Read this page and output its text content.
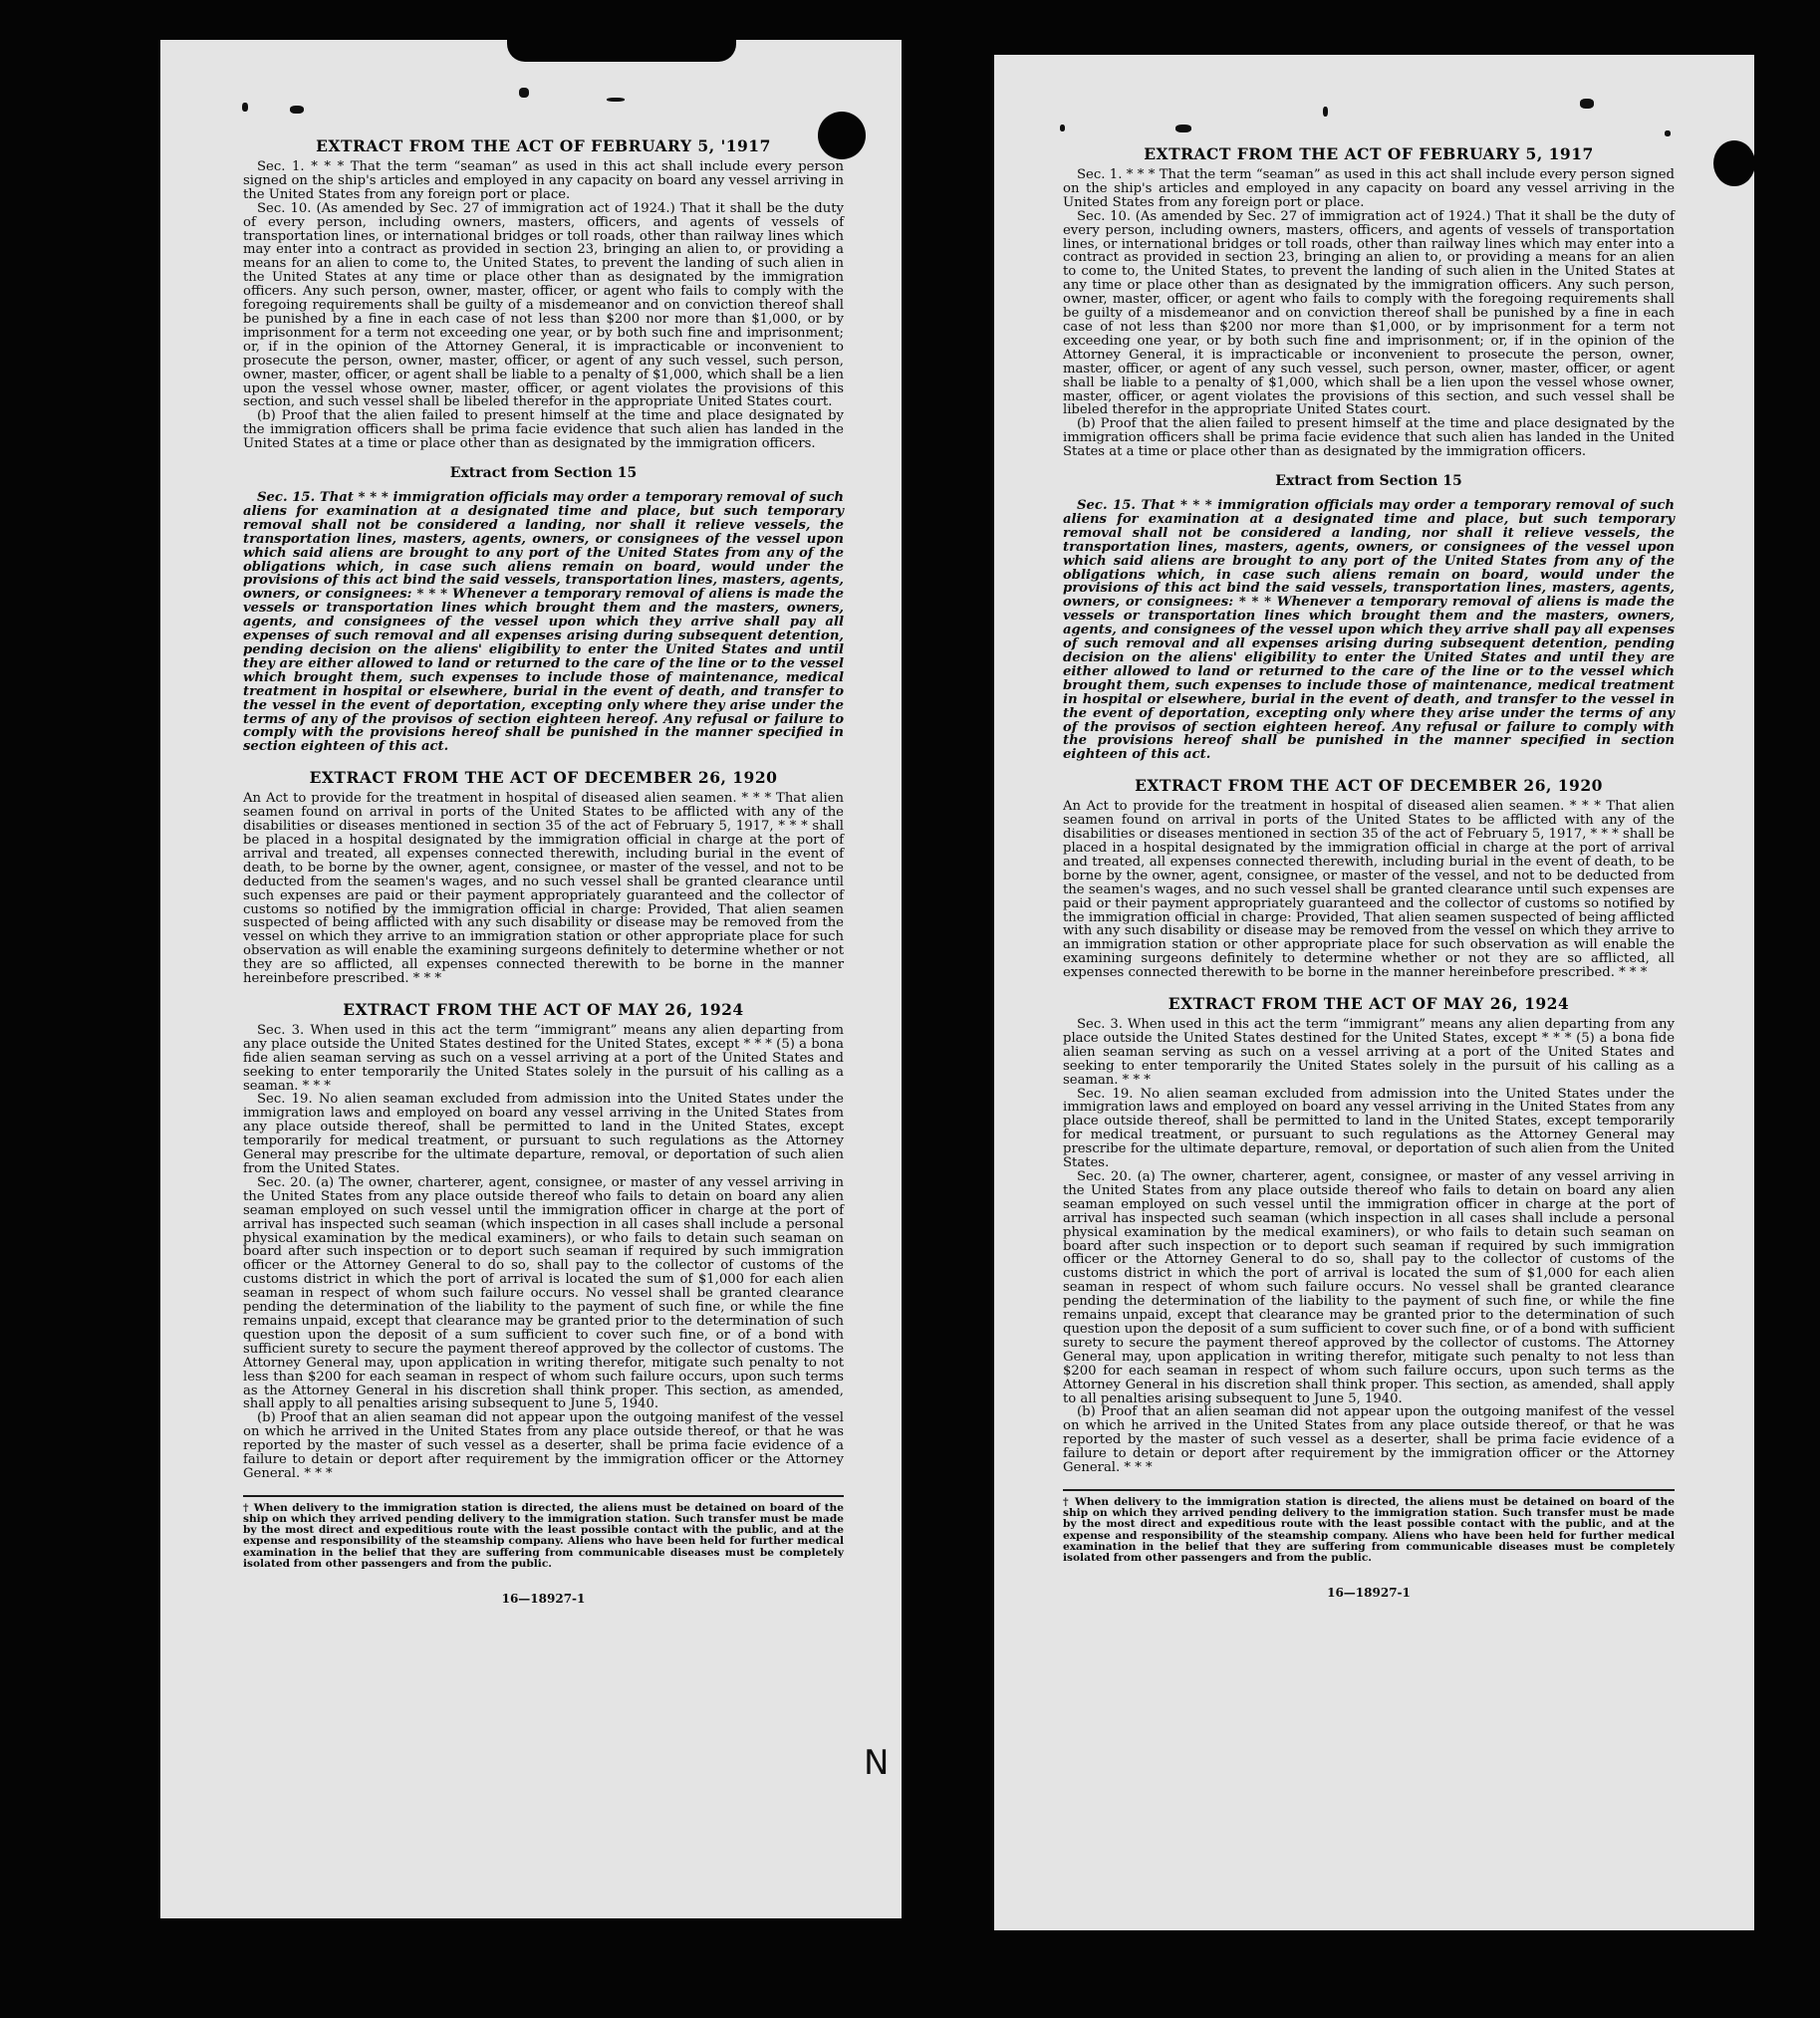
EXTRACT FROM THE ACT OF FEBRUARY 5, '1917

Sec. 1. * * * That the term “seaman” as used in this act shall include every person signed on the ship's articles and employed in any capacity on board any vessel arriving in the United States from any foreign port or place.

Sec. 10. (As amended by Sec. 27 of immigration act of 1924.) That it shall be the duty of every person, including owners, masters, officers, and agents of vessels of transportation lines, or international bridges or toll roads, other than railway lines which may enter into a contract as provided in section 23, bringing an alien to, or providing a means for an alien to come to, the United States, to prevent the landing of such alien in the United States at any time or place other than as designated by the immigration officers. Any such person, owner, master, officer, or agent who fails to comply with the foregoing requirements shall be guilty of a misdemeanor and on conviction thereof shall be punished by a fine in each case of not less than $200 nor more than $1,000, or by imprisonment for a term not exceeding one year, or by both such fine and imprisonment; or, if in the opinion of the Attorney General, it is impracticable or inconvenient to prosecute the person, owner, master, officer, or agent of any such vessel, such person, owner, master, officer, or agent shall be liable to a penalty of $1,000, which shall be a lien upon the vessel whose owner, master, officer, or agent violates the provisions of this section, and such vessel shall be libeled therefor in the appropriate United States court.

(b) Proof that the alien failed to present himself at the time and place designated by the immigration officers shall be prima facie evidence that such alien has landed in the United States at a time or place other than as designated by the immigration officers.

Extract from Section 15

Sec. 15. That * * * immigration officials may order a temporary removal of such aliens for examination at a designated time and place, but such temporary removal shall not be considered a landing, nor shall it relieve vessels, the transportation lines, masters, agents, owners, or consignees of the vessel upon which said aliens are brought to any port of the United States from any of the obligations which, in case such aliens remain on board, would under the provisions of this act bind the said vessels, transportation lines, masters, agents, owners, or consignees: * * * Whenever a temporary removal of aliens is made the vessels or transportation lines which brought them and the masters, owners, agents, and consignees of the vessel upon which they arrive shall pay all expenses of such removal and all expenses arising during subsequent detention, pending decision on the aliens' eligibility to enter the United States and until they are either allowed to land or returned to the care of the line or to the vessel which brought them, such expenses to include those of maintenance, medical treatment in hospital or elsewhere, burial in the event of death, and transfer to the vessel in the event of deportation, excepting only where they arise under the terms of any of the provisos of section eighteen hereof. Any refusal or failure to comply with the provisions hereof shall be punished in the manner specified in section eighteen of this act.

EXTRACT FROM THE ACT OF DECEMBER 26, 1920

An Act to provide for the treatment in hospital of diseased alien seamen. * * * That alien seamen found on arrival in ports of the United States to be afflicted with any of the disabilities or diseases mentioned in section 35 of the act of February 5, 1917, * * * shall be placed in a hospital designated by the immigration official in charge at the port of arrival and treated, all expenses connected therewith, including burial in the event of death, to be borne by the owner, agent, consignee, or master of the vessel, and not to be deducted from the seamen's wages, and no such vessel shall be granted clearance until such expenses are paid or their payment appropriately guaranteed and the collector of customs so notified by the immigration official in charge: Provided, That alien seamen suspected of being afflicted with any such disability or disease may be removed from the vessel on which they arrive to an immigration station or other appropriate place for such observation as will enable the examining surgeons definitely to determine whether or not they are so afflicted, all expenses connected therewith to be borne in the manner hereinbefore prescribed. * * *

EXTRACT FROM THE ACT OF MAY 26, 1924

Sec. 3. When used in this act the term “immigrant” means any alien departing from any place outside the United States destined for the United States, except * * * (5) a bona fide alien seaman serving as such on a vessel arriving at a port of the United States and seeking to enter temporarily the United States solely in the pursuit of his calling as a seaman. * * *

Sec. 19. No alien seaman excluded from admission into the United States under the immigration laws and employed on board any vessel arriving in the United States from any place outside thereof, shall be permitted to land in the United States, except temporarily for medical treatment, or pursuant to such regulations as the Attorney General may prescribe for the ultimate departure, removal, or deportation of such alien from the United States.

Sec. 20. (a) The owner, charterer, agent, consignee, or master of any vessel arriving in the United States from any place outside thereof who fails to detain on board any alien seaman employed on such vessel until the immigration officer in charge at the port of arrival has inspected such seaman (which inspection in all cases shall include a personal physical examination by the medical examiners), or who fails to detain such seaman on board after such inspection or to deport such seaman if required by such immigration officer or the Attorney General to do so, shall pay to the collector of customs of the customs district in which the port of arrival is located the sum of $1,000 for each alien seaman in respect of whom such failure occurs. No vessel shall be granted clearance pending the determination of the liability to the payment of such fine, or while the fine remains unpaid, except that clearance may be granted prior to the determination of such question upon the deposit of a sum sufficient to cover such fine, or of a bond with sufficient surety to secure the payment thereof approved by the collector of customs. The Attorney General may, upon application in writing therefor, mitigate such penalty to not less than $200 for each seaman in respect of whom such failure occurs, upon such terms as the Attorney General in his discretion shall think proper. This section, as amended, shall apply to all penalties arising subsequent to June 5, 1940.

(b) Proof that an alien seaman did not appear upon the outgoing manifest of the vessel on which he arrived in the United States from any place outside thereof, or that he was reported by the master of such vessel as a deserter, shall be prima facie evidence of a failure to detain or deport after requirement by the immigration officer or the Attorney General. * * *

† When delivery to the immigration station is directed, the aliens must be detained on board of the ship on which they arrived pending delivery to the immigration station. Such transfer must be made by the most direct and expeditious route with the least possible contact with the public, and at the expense and responsibility of the steamship company. Aliens who have been held for further medical examination in the belief that they are suffering from communicable diseases must be completely isolated from other passengers and from the public.
16—18927-1
N
EXTRACT FROM THE ACT OF FEBRUARY 5, 1917

Sec. 1. * * * That the term “seaman” as used in this act shall include every person signed on the ship's articles and employed in any capacity on board any vessel arriving in the United States from any foreign port or place.

Sec. 10. (As amended by Sec. 27 of immigration act of 1924.) That it shall be the duty of every person, including owners, masters, officers, and agents of vessels of transportation lines, or international bridges or toll roads, other than railway lines which may enter into a contract as provided in section 23, bringing an alien to, or providing a means for an alien to come to, the United States, to prevent the landing of such alien in the United States at any time or place other than as designated by the immigration officers. Any such person, owner, master, officer, or agent who fails to comply with the foregoing requirements shall be guilty of a misdemeanor and on conviction thereof shall be punished by a fine in each case of not less than $200 nor more than $1,000, or by imprisonment for a term not exceeding one year, or by both such fine and imprisonment; or, if in the opinion of the Attorney General, it is impracticable or inconvenient to prosecute the person, owner, master, officer, or agent of any such vessel, such person, owner, master, officer, or agent shall be liable to a penalty of $1,000, which shall be a lien upon the vessel whose owner, master, officer, or agent violates the provisions of this section, and such vessel shall be libeled therefor in the appropriate United States court.

(b) Proof that the alien failed to present himself at the time and place designated by the immigration officers shall be prima facie evidence that such alien has landed in the United States at a time or place other than as designated by the immigration officers.

Extract from Section 15

Sec. 15. That * * * immigration officials may order a temporary removal of such aliens for examination at a designated time and place, but such temporary removal shall not be considered a landing, nor shall it relieve vessels, the transportation lines, masters, agents, owners, or consignees of the vessel upon which said aliens are brought to any port of the United States from any of the obligations which, in case such aliens remain on board, would under the provisions of this act bind the said vessels, transportation lines, masters, agents, owners, or consignees: * * * Whenever a temporary removal of aliens is made the vessels or transportation lines which brought them and the masters, owners, agents, and consignees of the vessel upon which they arrive shall pay all expenses of such removal and all expenses arising during subsequent detention, pending decision on the aliens' eligibility to enter the United States and until they are either allowed to land or returned to the care of the line or to the vessel which brought them, such expenses to include those of maintenance, medical treatment in hospital or elsewhere, burial in the event of death, and transfer to the vessel in the event of deportation, excepting only where they arise under the terms of any of the provisos of section eighteen hereof. Any refusal or failure to comply with the provisions hereof shall be punished in the manner specified in section eighteen of this act.

EXTRACT FROM THE ACT OF DECEMBER 26, 1920

An Act to provide for the treatment in hospital of diseased alien seamen. * * * That alien seamen found on arrival in ports of the United States to be afflicted with any of the disabilities or diseases mentioned in section 35 of the act of February 5, 1917, * * * shall be placed in a hospital designated by the immigration official in charge at the port of arrival and treated, all expenses connected therewith, including burial in the event of death, to be borne by the owner, agent, consignee, or master of the vessel, and not to be deducted from the seamen's wages, and no such vessel shall be granted clearance until such expenses are paid or their payment appropriately guaranteed and the collector of customs so notified by the immigration official in charge: Provided, That alien seamen suspected of being afflicted with any such disability or disease may be removed from the vessel on which they arrive to an immigration station or other appropriate place for such observation as will enable the examining surgeons definitely to determine whether or not they are so afflicted, all expenses connected therewith to be borne in the manner hereinbefore prescribed. * * *

EXTRACT FROM THE ACT OF MAY 26, 1924

Sec. 3. When used in this act the term “immigrant” means any alien departing from any place outside the United States destined for the United States, except * * * (5) a bona fide alien seaman serving as such on a vessel arriving at a port of the United States and seeking to enter temporarily the United States solely in the pursuit of his calling as a seaman. * * *

Sec. 19. No alien seaman excluded from admission into the United States under the immigration laws and employed on board any vessel arriving in the United States from any place outside thereof, shall be permitted to land in the United States, except temporarily for medical treatment, or pursuant to such regulations as the Attorney General may prescribe for the ultimate departure, removal, or deportation of such alien from the United States.

Sec. 20. (a) The owner, charterer, agent, consignee, or master of any vessel arriving in the United States from any place outside thereof who fails to detain on board any alien seaman employed on such vessel until the immigration officer in charge at the port of arrival has inspected such seaman (which inspection in all cases shall include a personal physical examination by the medical examiners), or who fails to detain such seaman on board after such inspection or to deport such seaman if required by such immigration officer or the Attorney General to do so, shall pay to the collector of customs of the customs district in which the port of arrival is located the sum of $1,000 for each alien seaman in respect of whom such failure occurs. No vessel shall be granted clearance pending the determination of the liability to the payment of such fine, or while the fine remains unpaid, except that clearance may be granted prior to the determination of such question upon the deposit of a sum sufficient to cover such fine, or of a bond with sufficient surety to secure the payment thereof approved by the collector of customs. The Attorney General may, upon application in writing therefor, mitigate such penalty to not less than $200 for each seaman in respect of whom such failure occurs, upon such terms as the Attorney General in his discretion shall think proper. This section, as amended, shall apply to all penalties arising subsequent to June 5, 1940.

(b) Proof that an alien seaman did not appear upon the outgoing manifest of the vessel on which he arrived in the United States from any place outside thereof, or that he was reported by the master of such vessel as a deserter, shall be prima facie evidence of a failure to detain or deport after requirement by the immigration officer or the Attorney General. * * *

† When delivery to the immigration station is directed, the aliens must be detained on board of the ship on which they arrived pending delivery to the immigration station. Such transfer must be made by the most direct and expeditious route with the least possible contact with the public, and at the expense and responsibility of the steamship company. Aliens who have been held for further medical examination in the belief that they are suffering from communicable diseases must be completely isolated from other passengers and from the public.
16—18927-1
